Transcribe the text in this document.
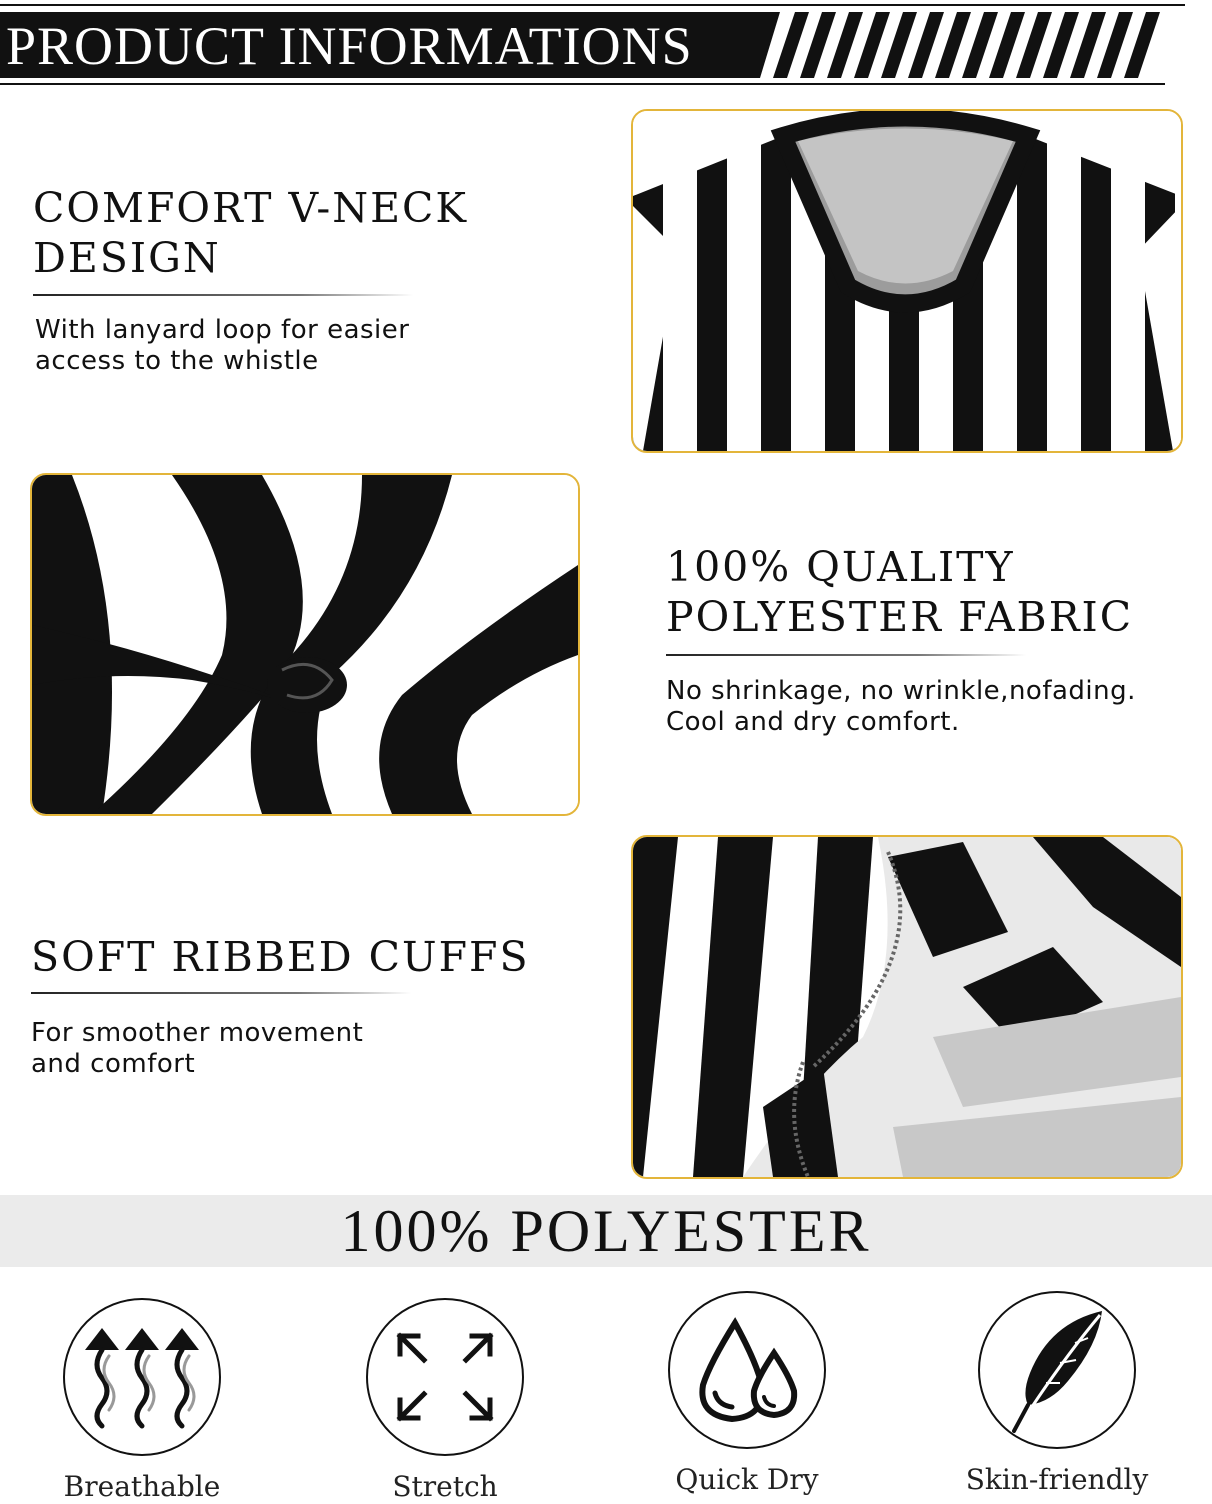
PRODUCT INFORMATIONS
COMFORT V-NECK
DESIGN
With lanyard loop for easier
access to the whistle
100% QUALITY
POLYESTER FABRIC
No shrinkage, no wrinkle,nofading.
Cool and dry comfort.
SOFT RIBBED CUFFS
For smoother movement
and comfort
100% POLYESTER
Breathable	Stretch	Quick Dry	Skin-friendly
